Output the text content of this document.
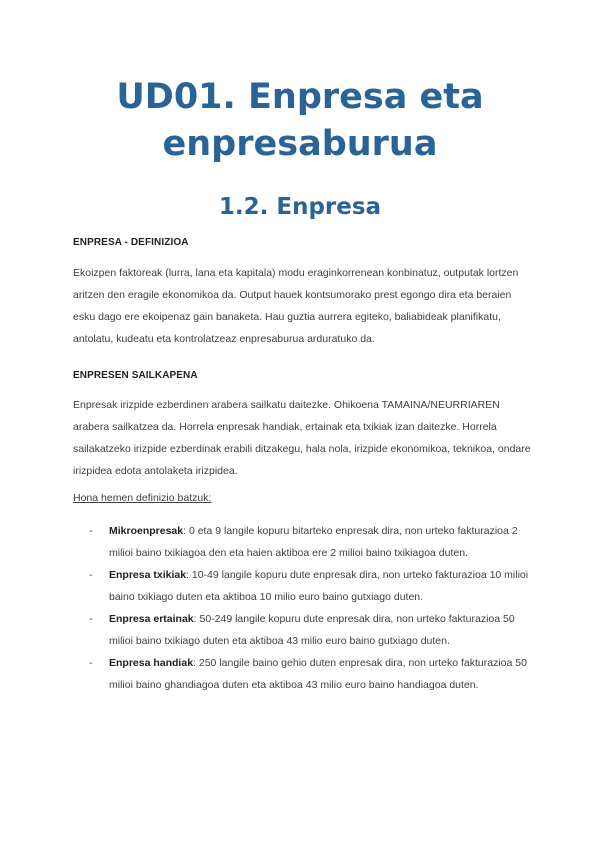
UD01. Enpresa eta enpresaburua
1.2. Enpresa
ENPRESA - DEFINIZIOA

Ekoizpen faktoreak (lurra, lana eta kapitala) modu eraginkorrenean konbinatuz, outputak lortzen aritzen den eragile ekonomikoa da. Output hauek kontsumorako prest egongo dira eta beraien esku dago ere ekoipenaz gain banaketa. Hau guztia aurrera egiteko, baliabideak planifikatu, antolatu, kudeatu eta kontrolatzeaz enpresaburua arduratuko da.

ENPRESEN SAILKAPENA

Enpresak irizpide ezberdinen arabera sailkatu daitezke. Ohikoena TAMAINA/NEURRIAREN arabera sailkatzea da. Horrela enpresak handiak, ertainak eta txikiak izan daitezke. Horrela sailakatzeko irizpide ezberdinak erabili ditzakegu, hala nola, irizpide ekonomikoa, teknikoa, ondare irizpidea edota antolaketa irizpidea.

Hona hemen definizio batzuk:
- Mikroenpresak: 0 eta 9 langile kopuru bitarteko enpresak dira, non urteko fakturazioa 2 milioi baino txikiagoa den eta haien aktiboa ere 2 milioi baino txikiagoa duten.
- Enpresa txikiak: 10-49 langile kopuru dute enpresak dira, non urteko fakturazioa 10 milioi baino txikiago duten eta aktiboa 10 milio euro baino gutxiago duten.
- Enpresa ertainak: 50-249 langile kopuru dute enpresak dira, non urteko fakturazioa 50 milioi baino txikiago duten eta aktiboa 43 milio euro baino gutxiago duten.
- Enpresa handiak: 250 langile baino gehio duten enpresak dira, non urteko fakturazioa 50 milioi baino ghandiagoa duten eta aktiboa 43 milio euro baino handiagoa duten.
